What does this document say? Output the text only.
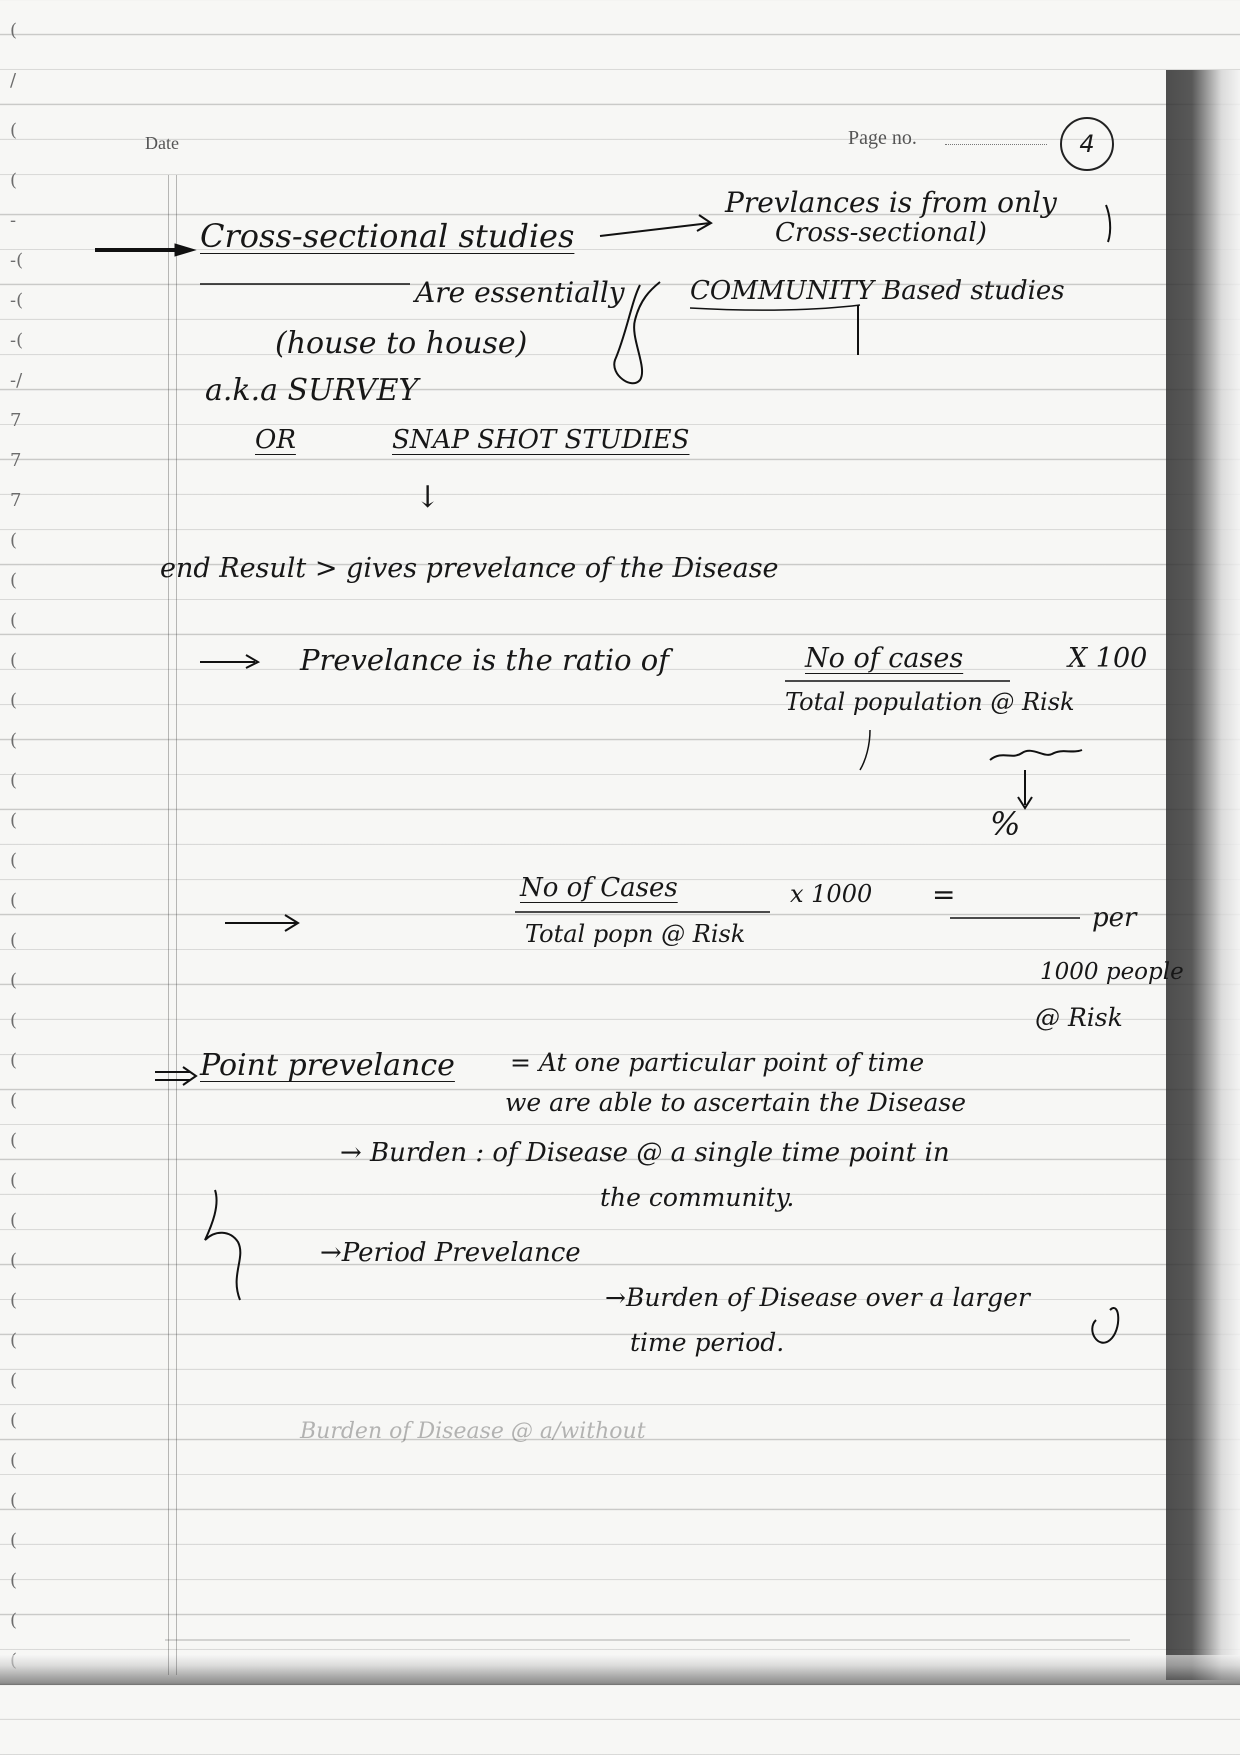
(
/
(
(
-
-(
-(
-(
-/
7
7
7
(
(
(
(
(
(
(
(
(
(
(
(
(
(
(
(
(
(
(
(
(
(
(
(
(
(
(
(
Date	Page no.	4
Cross-sectional studies
Prevlances is from only
Cross-sectional)
Are essentially	COMMUNITY Based studies
(house to house)
a.k.a SURVEY
OR	SNAP SHOT STUDIES
↓
end Result > gives prevelance of the Disease
Prevelance is the ratio of	No of cases	X 100
Total population @ Risk
%
No of Cases	x 1000 =
Total popn @ Risk
per
1000 people
@ Risk
Point prevelance = At one particular point of time
we are able to ascertain the Disease
→ Burden : of Disease @ a single time point in
the community.
→Period Prevelance
→Burden of Disease over a larger
time period.
Burden of Disease @ a/without
